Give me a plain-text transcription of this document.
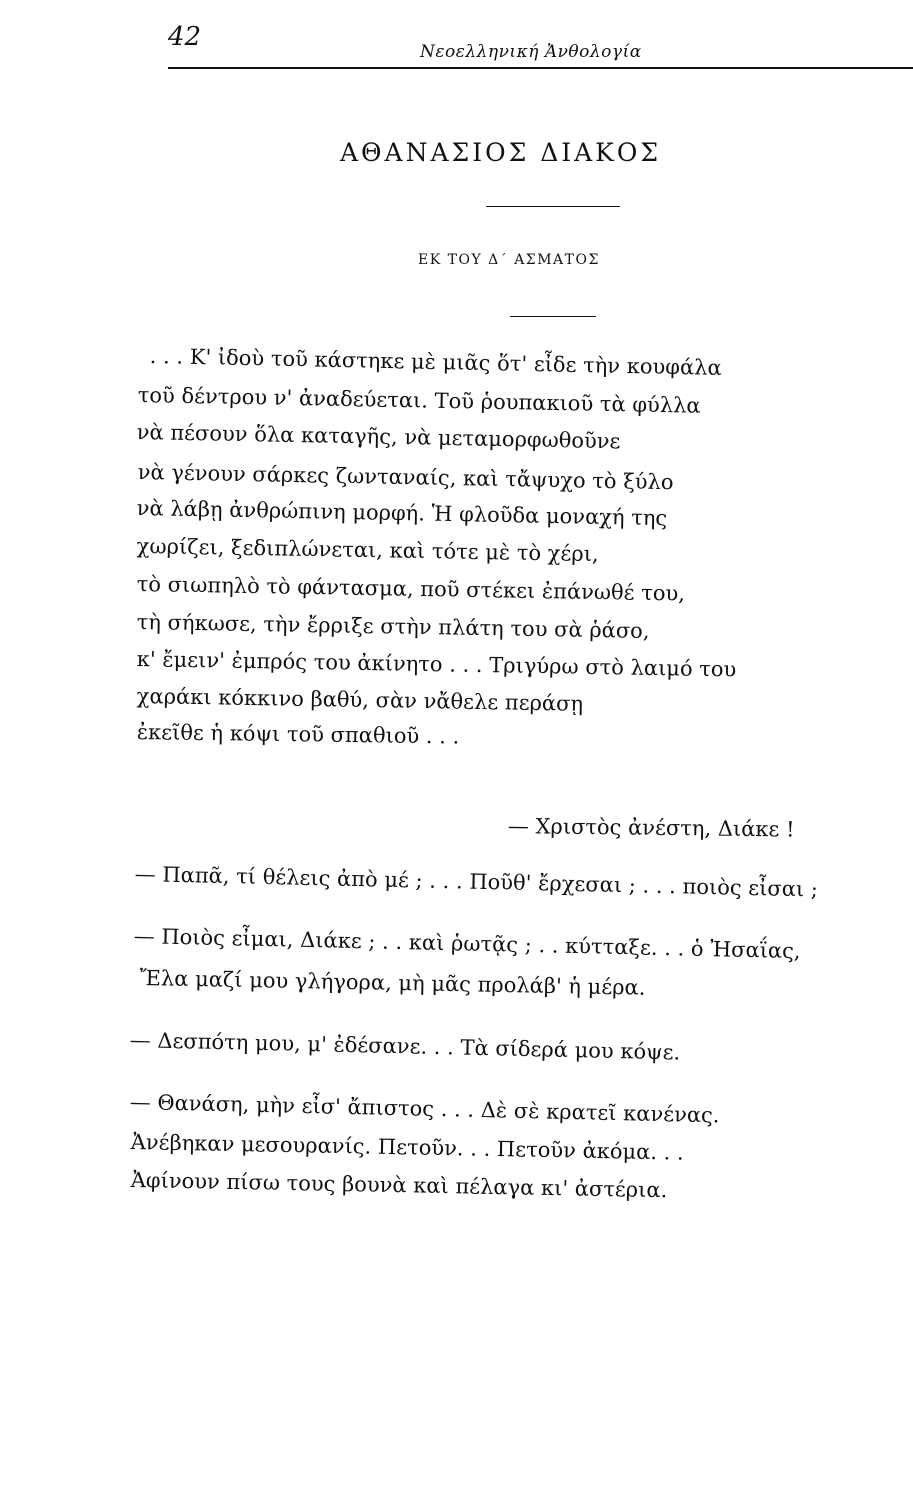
42	Νεοελληνική Ἀνθολογία
ΑΘΑΝΑΣΙΟΣ ΔΙΑΚΟΣ
ΕΚ ΤΟΥ Δ΄ ΑΣΜΑΤΟΣ
. . . Κ' ἰδοὺ τοῦ κάστηκε μὲ μιᾶς ὅτ' εἶδε τὴν κουφάλα
τοῦ δέντρου ν' ἀναδεύεται. Τοῦ ῥουπακιοῦ τὰ φύλλα
νὰ πέσουν ὅλα καταγῆς, νὰ μεταμορφωθοῦνε
νὰ γένουν σάρκες ζωνταναίς, καὶ τἄψυχο τὸ ξύλο
νὰ λάβῃ ἀνθρώπινη μορφή. Ἡ φλοῦδα μοναχή της
χωρίζει, ξεδιπλώνεται, καὶ τότε μὲ τὸ χέρι,
τὸ σιωπηλὸ τὸ φάντασμα, ποῦ στέκει ἐπάνωθέ του,
τὴ σήκωσε, τὴν ἔρριξε στὴν πλάτη του σὰ ῥάσο,
κ' ἔμειν' ἐμπρός του ἀκίνητο . . . Τριγύρω στὸ λαιμό του
χαράκι κόκκινο βαθύ, σὰν νἄθελε περάσῃ
ἐκεῖθε ἡ κόψι τοῦ σπαθιοῦ . . .
— Χριστὸς ἀνέστη, Διάκε !
— Παπᾶ, τί θέλεις ἀπὸ μέ ; . . . Ποῦθ' ἔρχεσαι ; . . . ποιὸς εἶσαι ;
— Ποιὸς εἶμαι, Διάκε ; . . καὶ ῥωτᾷς ; . . κύτταξε. . . ὁ Ἠσαΐας,
Ἔλα μαζί μου γλήγορα, μὴ μᾶς προλάβ' ἡ μέρα.
— Δεσπότη μου, μ' ἐδέσανε. . . Τὰ σίδερά μου κόψε.
— Θανάση, μὴν εἶσ' ἄπιστος . . . Δὲ σὲ κρατεῖ κανένας.
Ἀνέβηκαν μεσουρανίς. Πετοῦν. . . Πετοῦν ἀκόμα. . .
Ἀφίνουν πίσω τους βουνὰ καὶ πέλαγα κι' ἀστέρια.
